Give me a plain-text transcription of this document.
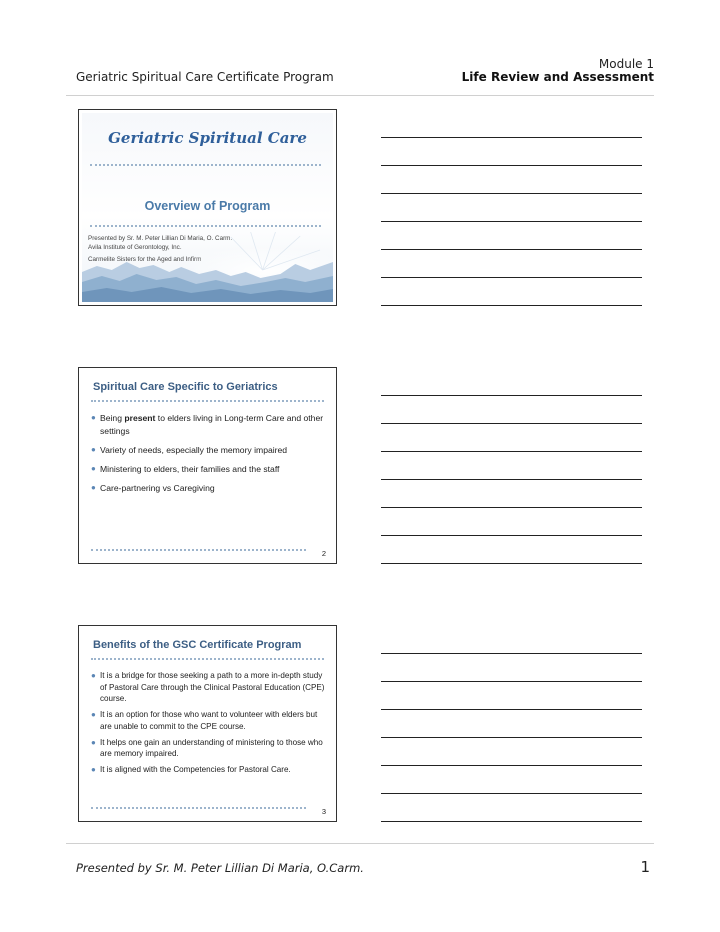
Module 1
Geriatric Spiritual Care Certificate Program	Life Review and Assessment
Geriatric Spiritual Care
Overview of Program
Spiritual Care Specific to Geriatrics
● Being present to elders living in Long-term Care and other settings
● Variety of needs, especially the memory impaired
● Ministering to elders, their families and the staff
● Care-partnering vs Caregiving
2
Benefits of the GSC Certificate Program
● It is a bridge for those seeking a path to a more in-depth study of Pastoral Care through the Clinical Pastoral Education (CPE) course.
● It is an option for those who want to volunteer with elders but are unable to commit to the CPE course.
● It helps one gain an understanding of ministering to those who are memory impaired.
● It is aligned with the Competencies for Pastoral Care.
3
Presented by Sr. M. Peter Lillian Di Maria, O.Carm.	1
